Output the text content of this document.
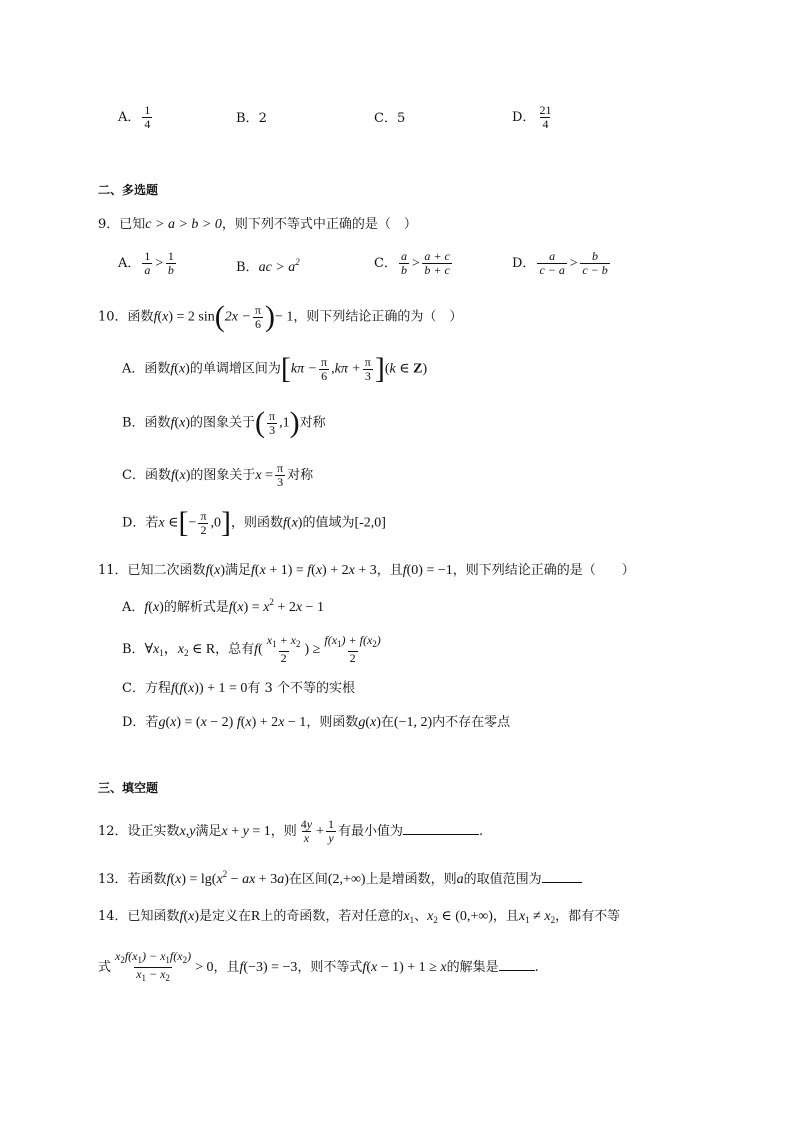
A． $\frac{1}{4}$	B．2	C．5	D． $\frac{21}{4}$
二、多选题
9．已知c > a > b > 0，则下列不等式中正确的是（　）
A． $\frac{1}{a} > \frac{1}{b}$	B．ac > $a^2$	C． $\frac{a}{b} > \frac{a + c}{b + c}$	D． $\frac{a}{c - a} > \frac{b}{c - b}$
10．函数f(x) = 2 $\sin(2x - \frac{\pi}{6}$ )− 1，则下列结论正确的为（　）
A．函数f(x)的单调增区间为$[k\pi - \frac{\pi}{6} ,k\pi + \frac{\pi}{3} ](k$ ∈ Z)
B．函数f(x)的图象关于( $\frac{\pi}{3} ,1$)对称
C．函数f(x)的图象关于$x = \frac{\pi}{3}$ 对称
D．若x ∈[− $\frac{\pi}{2} ,0$]，则函数f(x)的值域为[-2,0]
11．已知二次函数f(x)满足f(x + 1) = f(x) + 2x + 3，且f(0) = −1，则下列结论正确的是（　　）
A．f(x)的解析式是$f(x) = x^2 + 2x - 1$
B．$\forall x_1$，$x_2$ ∈ R，总有$f( \frac{x_1 + x_2}{2}$ ) ≥ $\frac{f(x_1) + f(x_2)}{2}$
C．方程f(f(x)) + 1 = 0有 3 个不等的实根
D．若g(x) = (x − 2) f(x) + 2x − 1，则函数g(x)在(−1, 2)内不存在零点
三、填空题
12．设正实数x,y满足x + y = 1，则 $\frac{4y}{x} + \frac{1}{y}$ 有最小值为	.
13．若函数$f(x) = \lg(x^2$ − ax + 3a)在区间(2,+∞)上是增函数，则a的取值范围为
14．已知函数f(x)是定义在R上的奇函数，若对任意的$x_1$、$x_2$ ∈ (0,+∞)，且$x_1 \ne x_2$，都有不等
式 $\frac{x_2f(x_1) - x_1f(x_2)}{x_1 - x_2} > 0$，且f(−3) = −3，则不等式f(x − 1) + 1 ≥ x的解集是	.
